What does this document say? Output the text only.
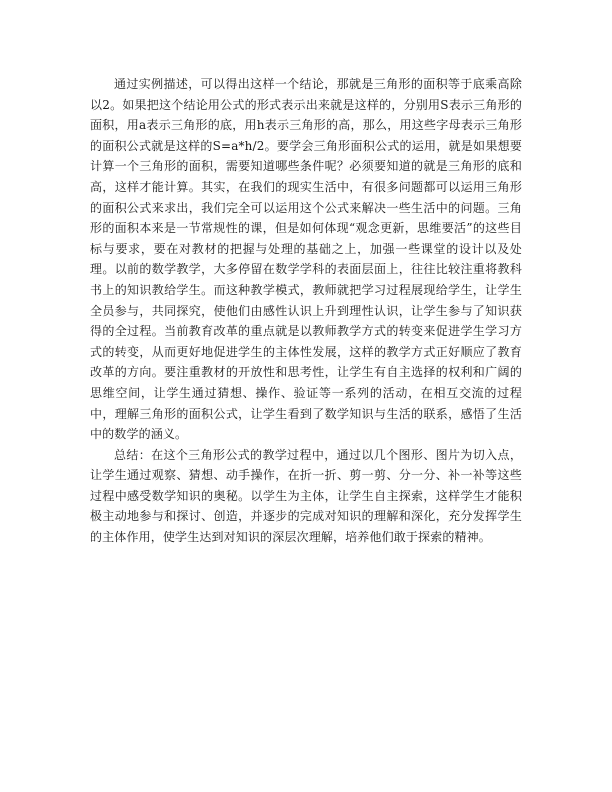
通过实例描述，可以得出这样一个结论，那就是三角形的面积等于底乘高除以2。如果把这个结论用公式的形式表示出来就是这样的，分别用S表示三角形的面积，用a表示三角形的底，用h表示三角形的高，那么，用这些字母表示三角形的面积公式就是这样的S=a*h/2。要学会三角形面积公式的运用，就是如果想要计算一个三角形的面积，需要知道哪些条件呢？必须要知道的就是三角形的底和高，这样才能计算。其实，在我们的现实生活中，有很多问题都可以运用三角形的面积公式来求出，我们完全可以运用这个公式来解决一些生活中的问题。三角形的面积本来是一节常规性的课，但是如何体现“观念更新，思维要活”的这些目标与要求，要在对教材的把握与处理的基础之上，加强一些课堂的设计以及处理。以前的数学教学，大多停留在数学学科的表面层面上，往往比较注重将教科书上的知识教给学生。而这种教学模式，教师就把学习过程展现给学生，让学生全员参与，共同探究，使他们由感性认识上升到理性认识，让学生参与了知识获得的全过程。当前教育改革的重点就是以教师教学方式的转变来促进学生学习方式的转变，从而更好地促进学生的主体性发展，这样的教学方式正好顺应了教育改革的方向。要注重教材的开放性和思考性，让学生有自主选择的权利和广阔的思维空间，让学生通过猜想、操作、验证等一系列的活动，在相互交流的过程中，理解三角形的面积公式，让学生看到了数学知识与生活的联系，感悟了生活中的数学的涵义。

总结：在这个三角形公式的教学过程中，通过以几个图形、图片为切入点，让学生通过观察、猜想、动手操作，在折一折、剪一剪、分一分、补一补等这些过程中感受数学知识的奥秘。以学生为主体，让学生自主探索，这样学生才能积极主动地参与和探讨、创造，并逐步的完成对知识的理解和深化，充分发挥学生的主体作用，使学生达到对知识的深层次理解，培养他们敢于探索的精神。
